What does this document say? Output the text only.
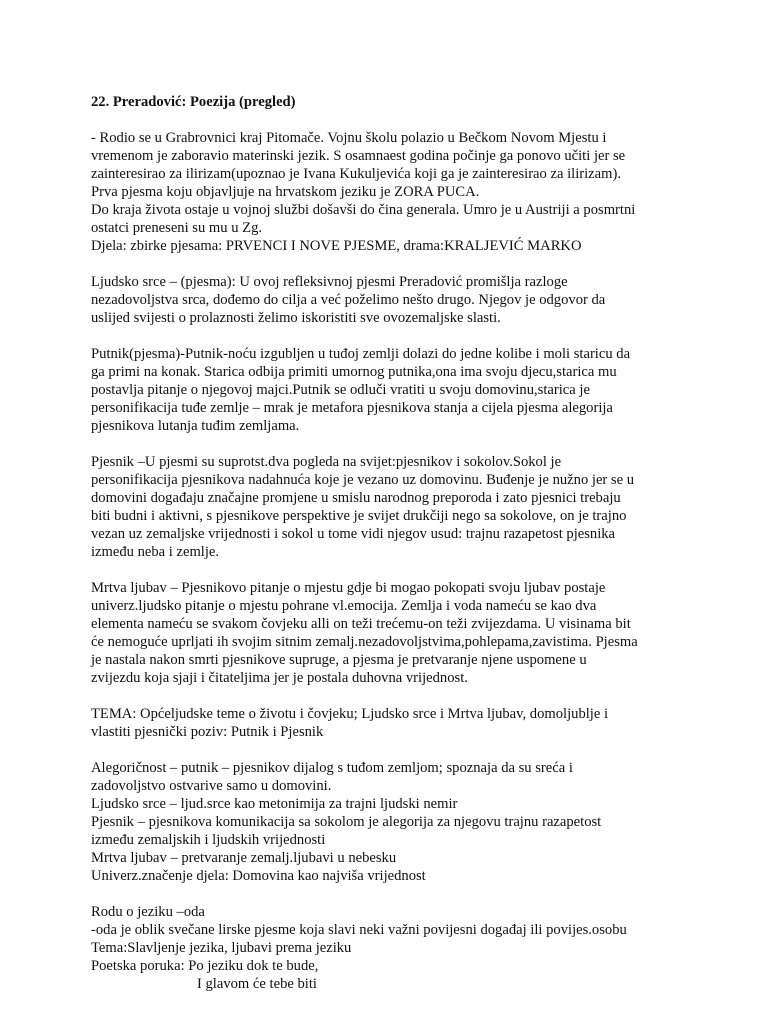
22. Preradović: Poezija (pregled)
- Rodio se u Grabrovnici kraj Pitomače. Vojnu školu polazio u Bečkom Novom Mjestu i
vremenom je zaboravio materinski jezik. S osamnaest godina počinje ga ponovo učiti jer se
zainteresirao za ilirizam(upoznao je Ivana Kukuljevića koji ga je zainteresirao za ilirizam).
Prva pjesma koju objavljuje na hrvatskom jeziku je ZORA PUCA.
Do kraja života ostaje u vojnoj službi došavši do čina generala. Umro je u Austriji a posmrtni
ostatci preneseni su mu u Zg.
Djela: zbirke pjesama: PRVENCI I NOVE PJESME, drama:KRALJEVIĆ MARKO
Ljudsko srce – (pjesma): U ovoj refleksivnoj pjesmi Preradović promišlja razloge
nezadovoljstva srca, dođemo do cilja a već poželimo nešto drugo. Njegov je odgovor da
uslijed svijesti o prolaznosti želimo iskoristiti sve ovozemaljske slasti.
Putnik(pjesma)-Putnik-noću izgubljen u tuđoj zemlji dolazi do jedne kolibe i moli staricu da
ga primi na konak. Starica odbija primiti umornog putnika,ona ima svoju djecu,starica mu
postavlja pitanje o njegovoj majci.Putnik se odluči vratiti u svoju domovinu,starica je
personifikacija tuđe zemlje – mrak je metafora pjesnikova stanja a cijela pjesma alegorija
pjesnikova lutanja tuđim zemljama.
Pjesnik –U pjesmi su suprotst.dva pogleda na svijet:pjesnikov i sokolov.Sokol je
personifikacija pjesnikova nadahnuća koje je vezano uz domovinu. Buđenje je nužno jer se u
domovini događaju značajne promjene u smislu narodnog preporoda i zato pjesnici trebaju
biti budni i aktivni, s pjesnikove perspektive je svijet drukčiji nego sa sokolove, on je trajno
vezan uz zemaljske vrijednosti i sokol u tome vidi njegov usud: trajnu razapetost pjesnika
između neba i zemlje.
Mrtva ljubav – Pjesnikovo pitanje o mjestu gdje bi mogao pokopati svoju ljubav postaje
univerz.ljudsko pitanje o mjestu pohrane vl.emocija. Zemlja i voda nameću se kao dva
elementa nameću se svakom čovjeku alli on teži trećemu-on teži zvijezdama. U visinama bit
će nemoguće uprljati ih svojim sitnim zemalj.nezadovoljstvima,pohlepama,zavistima. Pjesma
je nastala nakon smrti pjesnikove supruge, a pjesma je pretvaranje njene uspomene u
zvijezdu koja sjaji i čitateljima jer je postala duhovna vrijednost.
TEMA: Općeljudske teme o životu i čovjeku; Ljudsko srce i Mrtva ljubav, domoljublje i
vlastiti pjesnički poziv: Putnik i Pjesnik
Alegoričnost – putnik – pjesnikov dijalog s tuđom zemljom; spoznaja da su sreća i
zadovoljstvo ostvarive samo u domovini.
Ljudsko srce – ljud.srce kao metonimija za trajni ljudski nemir
Pjesnik – pjesnikova komunikacija sa sokolom je alegorija za njegovu trajnu razapetost
između zemaljskih i ljudskih vrijednosti
Mrtva ljubav – pretvaranje zemalj.ljubavi u nebesku
Univerz.značenje djela: Domovina kao najviša vrijednost
Rodu o jeziku –oda
-oda je oblik svečane lirske pjesme koja slavi neki važni povijesni događaj ili povijes.osobu
Tema:Slavljenje jezika, ljubavi prema jeziku
Poetska poruka: Po jeziku dok te bude,
I glavom će tebe biti
